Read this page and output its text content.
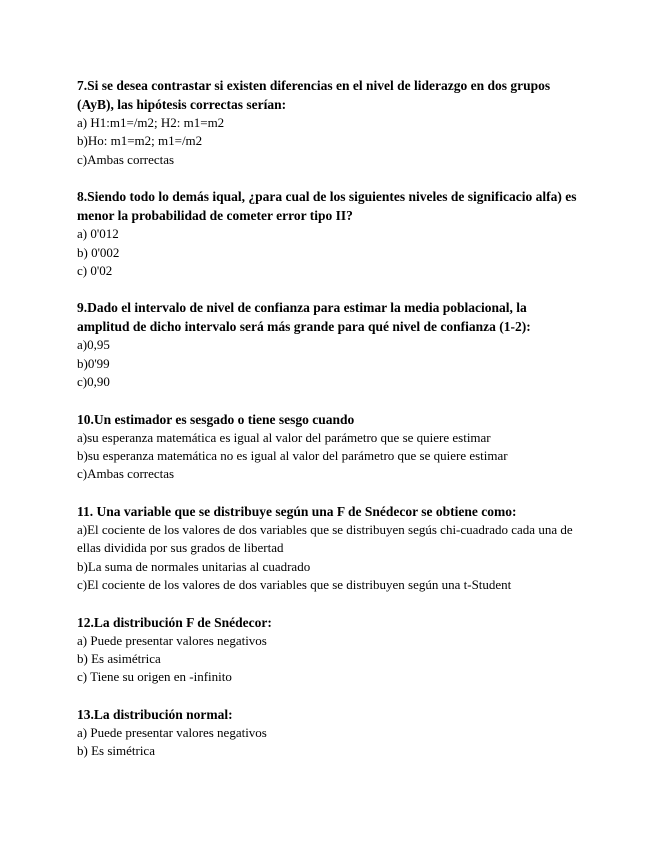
7.Si se desea contrastar si existen diferencias en el nivel de liderazgo en dos grupos (AyB), las hipótesis correctas serían:

a) H1:m1=/m2; H2: m1=m2

b)Ho: m1=m2; m1=/m2

c)Ambas correctas

8.Siendo todo lo demás iqual, ¿para cual de los siguientes niveles de significacio alfa) es menor la probabilidad de cometer error tipo II?

a) 0'012

b) 0'002

c) 0'02

9.Dado el intervalo de nivel de confianza para estimar la media poblacional, la amplitud de dicho intervalo será más grande para qué nivel de confianza (1-2):

a)0,95

b)0'99

c)0,90

10.Un estimador es sesgado o tiene sesgo cuando

a)su esperanza matemática es igual al valor del parámetro que se quiere estimar

b)su esperanza matemática no es igual al valor del parámetro que se quiere estimar

c)Ambas correctas

11. Una variable que se distribuye según una F de Snédecor se obtiene como:

a)El cociente de los valores de dos variables que se distribuyen segús chi-cuadrado cada una de ellas dividida por sus grados de libertad

b)La suma de normales unitarias al cuadrado

c)El cociente de los valores de dos variables que se distribuyen según una t-Student

12.La distribución F de Snédecor:

a) Puede presentar valores negativos

b) Es asimétrica

c) Tiene su origen en -infinito

13.La distribución normal:

a) Puede presentar valores negativos

b) Es simétrica
